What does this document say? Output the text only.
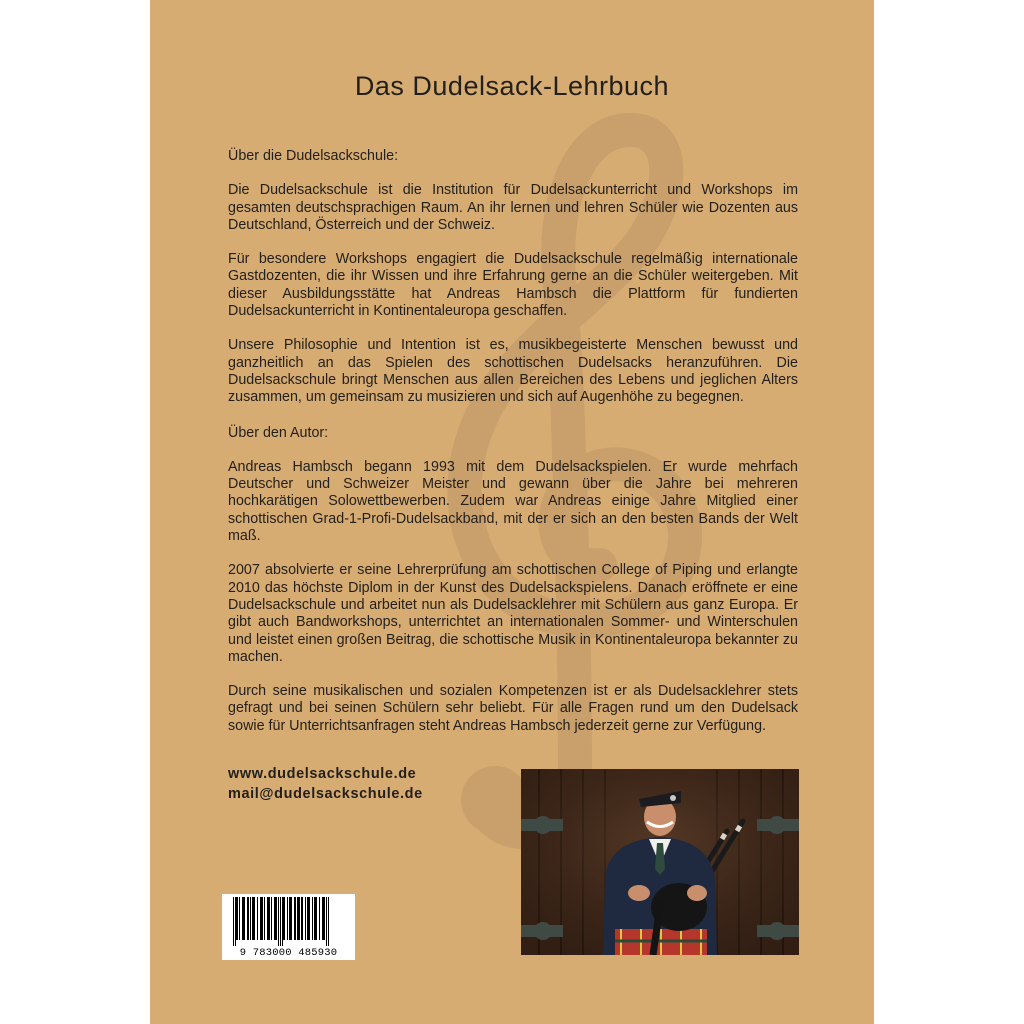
Das Dudelsack-Lehrbuch
Über die Dudelsackschule:

Die Dudelsackschule ist die Institution für Dudelsackunterricht und Workshops im gesamten deutschsprachigen Raum. An ihr lernen und lehren Schüler wie Dozenten aus Deutschland, Österreich und der Schweiz.

Für besondere Workshops engagiert die Dudelsackschule regelmäßig internationale Gastdozenten, die ihr Wissen und ihre Erfahrung gerne an die Schüler weitergeben. Mit dieser Ausbildungsstätte hat Andreas Hambsch die Plattform für fundierten Dudelsackunterricht in Kontinentaleuropa geschaffen.

Unsere Philosophie und Intention ist es, musikbegeisterte Menschen bewusst und ganzheitlich an das Spielen des schottischen Dudelsacks heranzuführen. Die Dudelsackschule bringt Menschen aus allen Bereichen des Lebens und jeglichen Alters zusammen, um gemeinsam zu musizieren und sich auf Augenhöhe zu begegnen.

Über den Autor:

Andreas Hambsch begann 1993 mit dem Dudelsackspielen. Er wurde mehrfach Deutscher und Schweizer Meister und gewann über die Jahre bei mehreren hochkarätigen Solowettbewerben. Zudem war Andreas einige Jahre Mitglied einer schottischen Grad-1-Profi-Dudelsackband, mit der er sich an den besten Bands der Welt maß.

2007 absolvierte er seine Lehrerprüfung am schottischen College of Piping und erlangte 2010 das höchste Diplom in der Kunst des Dudelsackspielens. Danach eröffnete er eine Dudelsackschule und arbeitet nun als Dudelsacklehrer mit Schülern aus ganz Europa. Er gibt auch Bandworkshops, unterrichtet an internationalen Sommer- und Winterschulen und leistet einen großen Beitrag, die schottische Musik in Kontinentaleuropa bekannter zu machen.

Durch seine musikalischen und sozialen Kompetenzen ist er als Dudelsacklehrer stets gefragt und bei seinen Schülern sehr beliebt. Für alle Fragen rund um den Dudelsack sowie für Unterrichtsanfragen steht Andreas Hambsch jederzeit gerne zur Verfügung.

www.dudelsackschule.de
mail@dudelsackschule.de
9 783000 485930
